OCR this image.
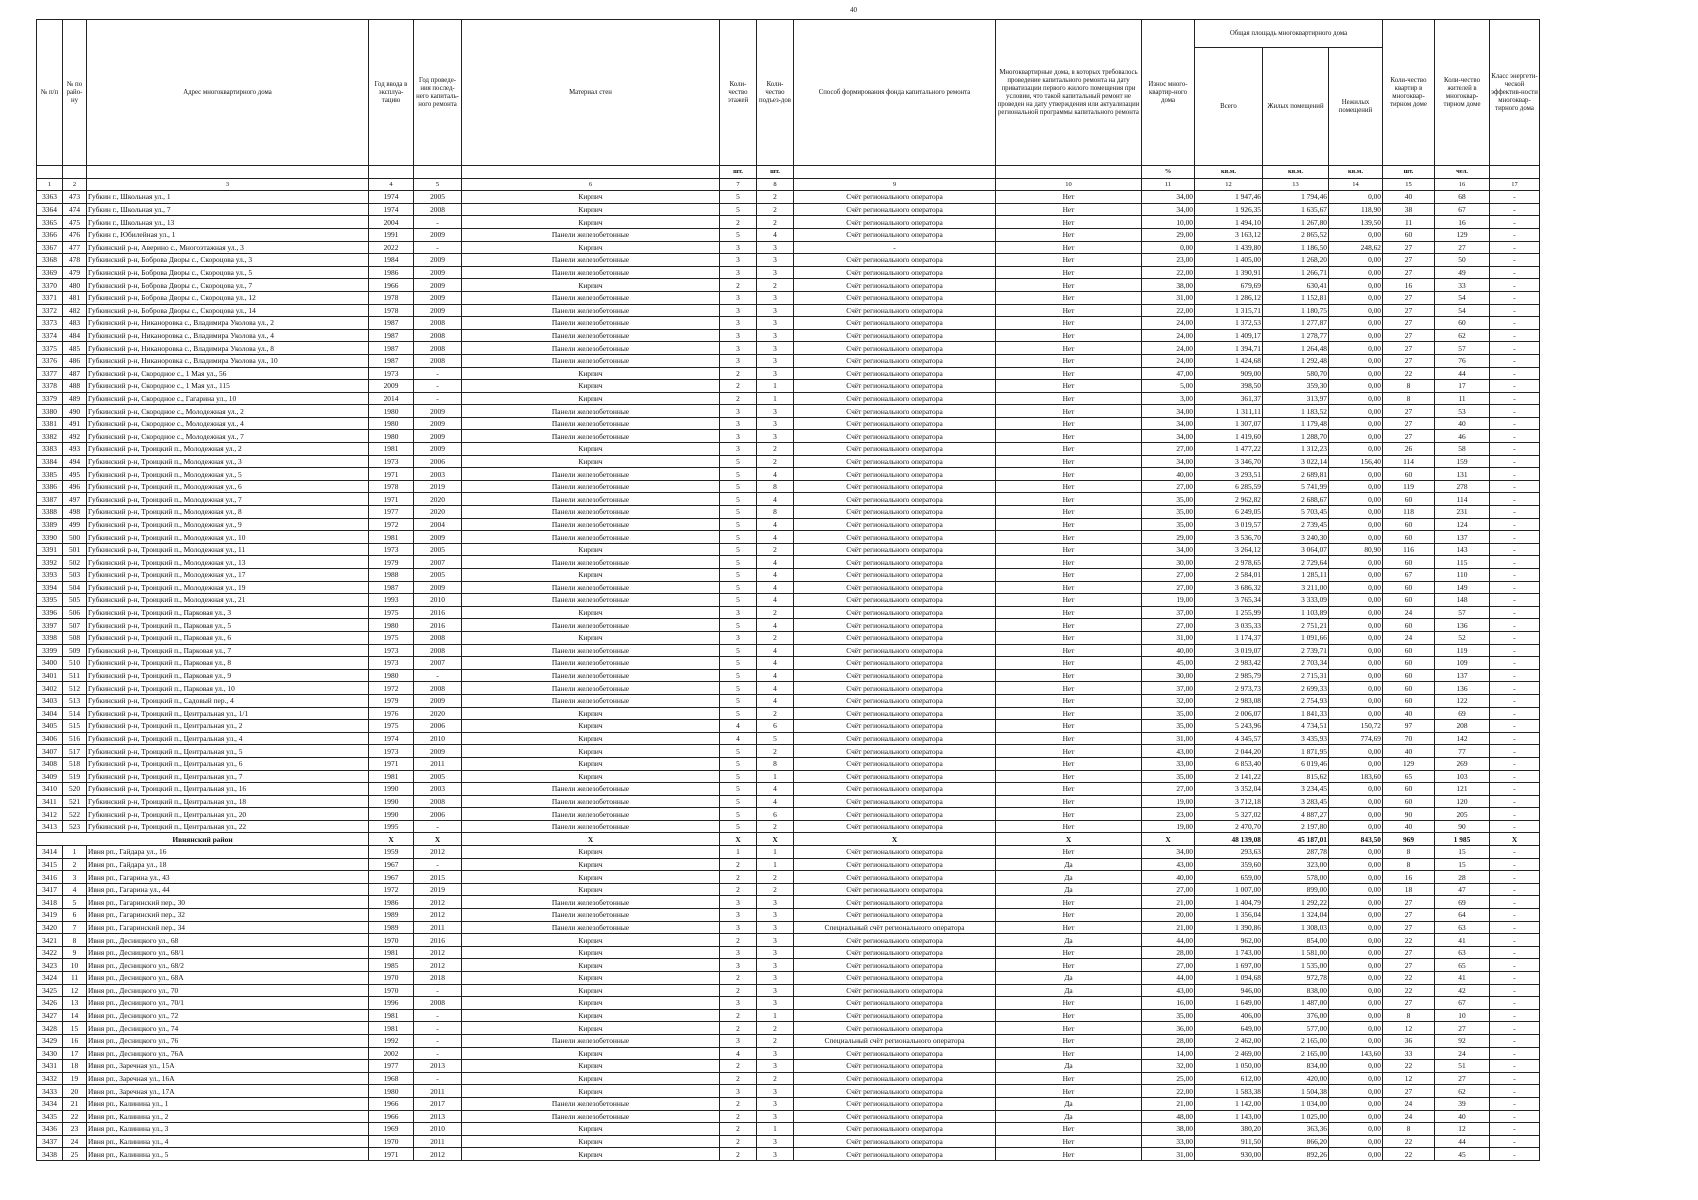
40
№ п/п	№ по райо-ну	Адрес многоквартирного дома	Год ввода в эксплуа-тацию	Год проведе-ния послед-него капиталь-ного ремонта	Материал стен	Коли-чество этажей	Коли-чество подъез-дов	Способ формирования фонда капитального ремонта	Многоквартирные дома, в которых требовалось проведение капитального ремонта на дату приватизации первого жилого помещения при условии, что такой капитальный ремонт не проведен на дату утверждения или актуализации региональной программы капитального ремонта	Износ много-квартир-ного дома	Общая площадь многоквартирного дома			Коли-чество квартир в многоквар-тирном доме	Коли-чество жителей в многоквар-тирном доме	Класс энергети-ческой эффектив-ности многоквар-тирного дома
											Всего	Жилых помещений	Нежилых помещений			
						шт.	шт.			%	кв.м.	кв.м.	кв.м.	шт.	чел.	
1	2	3	4	5	6	7	8	9	10	11	12	13	14	15	16	17
3363	473	Губкин г., Школьная ул., 1	1974	2005	Кирпич	5	2	Счёт регионального оператора	Нет	34,00	1 947,46	1 794,46	0,00	40	68	-
3364	474	Губкин г., Школьная ул., 7	1974	2008	Кирпич	5	2	Счёт регионального оператора	Нет	34,00	1 926,35	1 635,67	118,90	38	67	-
3365	475	Губкин г., Школьная ул., 13	2004	-	Кирпич	2	2	Счёт регионального оператора	Нет	10,00	1 494,10	1 267,80	139,50	11	16	-
3366	476	Губкин г., Юбилейная ул., 1	1991	2009	Панели железобетонные	5	4	Счёт регионального оператора	Нет	29,00	3 163,12	2 865,52	0,00	60	129	-
3367	477	Губкинский р-н, Аверино с., Многоэтажная ул., 3	2022	-	Кирпич	3	3	-	Нет	0,00	1 439,80	1 186,50	248,62	27	27	-
3368	478	Губкинский р-н, Боброва Дворы с., Скороцова ул., 3	1984	2009	Панели железобетонные	3	3	Счёт регионального оператора	Нет	23,00	1 405,00	1 268,20	0,00	27	50	-
3369	479	Губкинский р-н, Боброва Дворы с., Скороцова ул., 5	1986	2009	Панели железобетонные	3	3	Счёт регионального оператора	Нет	22,00	1 390,91	1 266,71	0,00	27	49	-
3370	480	Губкинский р-н, Боброва Дворы с., Скороцова ул., 7	1966	2009	Кирпич	2	2	Счёт регионального оператора	Нет	38,00	679,69	630,41	0,00	16	33	-
3371	481	Губкинский р-н, Боброва Дворы с., Скороцова ул., 12	1978	2009	Панели железобетонные	3	3	Счёт регионального оператора	Нет	31,00	1 286,12	1 152,81	0,00	27	54	-
3372	482	Губкинский р-н, Боброва Дворы с., Скороцова ул., 14	1978	2009	Панели железобетонные	3	3	Счёт регионального оператора	Нет	22,00	1 315,71	1 180,75	0,00	27	54	-
3373	483	Губкинский р-н, Никаноровка с., Владимира Уколова ул., 2	1987	2008	Панели железобетонные	3	3	Счёт регионального оператора	Нет	24,00	1 372,53	1 277,87	0,00	27	60	-
3374	484	Губкинский р-н, Никаноровка с., Владимира Уколова ул., 4	1987	2008	Панели железобетонные	3	3	Счёт регионального оператора	Нет	24,00	1 409,17	1 278,77	0,00	27	62	-
3375	485	Губкинский р-н, Никаноровка с., Владимира Уколова ул., 8	1987	2008	Панели железобетонные	3	3	Счёт регионального оператора	Нет	24,00	1 394,71	1 264,48	0,00	27	57	-
3376	486	Губкинский р-н, Никаноровка с., Владимира Уколова ул., 10	1987	2008	Панели железобетонные	3	3	Счёт регионального оператора	Нет	24,00	1 424,68	1 292,48	0,00	27	76	-
3377	487	Губкинский р-н, Скородное с., 1 Мая ул., 56	1973	-	Кирпич	2	3	Счёт регионального оператора	Нет	47,00	909,00	580,70	0,00	22	44	-
3378	488	Губкинский р-н, Скородное с., 1 Мая ул., 115	2009	-	Кирпич	2	1	Счёт регионального оператора	Нет	5,00	398,50	359,30	0,00	8	17	-
3379	489	Губкинский р-н, Скородное с., Гагарина ул., 10	2014	-	Кирпич	2	1	Счёт регионального оператора	Нет	3,00	361,37	313,97	0,00	8	11	-
3380	490	Губкинский р-н, Скородное с., Молодежная ул., 2	1980	2009	Панели железобетонные	3	3	Счёт регионального оператора	Нет	34,00	1 311,11	1 183,52	0,00	27	53	-
3381	491	Губкинский р-н, Скородное с., Молодежная ул., 4	1980	2009	Панели железобетонные	3	3	Счёт регионального оператора	Нет	34,00	1 307,07	1 179,48	0,00	27	40	-
3382	492	Губкинский р-н, Скородное с., Молодежная ул., 7	1980	2009	Панели железобетонные	3	3	Счёт регионального оператора	Нет	34,00	1 419,60	1 288,70	0,00	27	46	-
3383	493	Губкинский р-н, Троицкий п., Молодежная ул., 2	1981	2009	Кирпич	3	2	Счёт регионального оператора	Нет	27,00	1 477,22	1 312,23	0,00	26	58	-
3384	494	Губкинский р-н, Троицкий п., Молодежная ул., 3	1973	2006	Кирпич	5	2	Счёт регионального оператора	Нет	34,00	3 346,70	3 022,14	156,40	114	159	-
3385	495	Губкинский р-н, Троицкий п., Молодежная ул., 5	1971	2003	Панели железобетонные	5	4	Счёт регионального оператора	Нет	40,00	3 293,51	2 689,81	0,00	60	131	-
3386	496	Губкинский р-н, Троицкий п., Молодежная ул., 6	1978	2019	Панели железобетонные	5	8	Счёт регионального оператора	Нет	27,00	6 285,59	5 741,99	0,00	119	278	-
3387	497	Губкинский р-н, Троицкий п., Молодежная ул., 7	1971	2020	Панели железобетонные	5	4	Счёт регионального оператора	Нет	35,00	2 962,82	2 688,67	0,00	60	114	-
3388	498	Губкинский р-н, Троицкий п., Молодежная ул., 8	1977	2020	Панели железобетонные	5	8	Счёт регионального оператора	Нет	35,00	6 249,05	5 703,45	0,00	118	231	-
3389	499	Губкинский р-н, Троицкий п., Молодежная ул., 9	1972	2004	Панели железобетонные	5	4	Счёт регионального оператора	Нет	35,00	3 019,57	2 739,45	0,00	60	124	-
3390	500	Губкинский р-н, Троицкий п., Молодежная ул., 10	1981	2009	Панели железобетонные	5	4	Счёт регионального оператора	Нет	29,00	3 536,70	3 240,30	0,00	60	137	-
3391	501	Губкинский р-н, Троицкий п., Молодежная ул., 11	1973	2005	Кирпич	5	2	Счёт регионального оператора	Нет	34,00	3 264,12	3 064,07	80,90	116	143	-
3392	502	Губкинский р-н, Троицкий п., Молодежная ул., 13	1979	2007	Панели железобетонные	5	4	Счёт регионального оператора	Нет	30,00	2 978,65	2 729,64	0,00	60	115	-
3393	503	Губкинский р-н, Троицкий п., Молодежная ул., 17	1988	2005	Кирпич	5	4	Счёт регионального оператора	Нет	27,00	2 584,01	1 285,11	0,00	67	110	-
3394	504	Губкинский р-н, Троицкий п., Молодежная ул., 19	1987	2009	Панели железобетонные	5	4	Счёт регионального оператора	Нет	27,00	3 686,32	3 211,00	0,00	60	149	-
3395	505	Губкинский р-н, Троицкий п., Молодежная ул., 21	1993	2010	Панели железобетонные	5	4	Счёт регионального оператора	Нет	19,00	3 765,34	3 333,09	0,00	60	148	-
3396	506	Губкинский р-н, Троицкий п., Парковая ул., 3	1975	2016	Кирпич	3	2	Счёт регионального оператора	Нет	37,00	1 255,99	1 103,89	0,00	24	57	-
3397	507	Губкинский р-н, Троицкий п., Парковая ул., 5	1980	2016	Панели железобетонные	5	4	Счёт регионального оператора	Нет	27,00	3 035,33	2 751,21	0,00	60	136	-
3398	508	Губкинский р-н, Троицкий п., Парковая ул., 6	1975	2008	Кирпич	3	2	Счёт регионального оператора	Нет	31,00	1 174,37	1 091,66	0,00	24	52	-
3399	509	Губкинский р-н, Троицкий п., Парковая ул., 7	1973	2008	Панели железобетонные	5	4	Счёт регионального оператора	Нет	40,00	3 019,07	2 739,71	0,00	60	119	-
3400	510	Губкинский р-н, Троицкий п., Парковая ул., 8	1973	2007	Панели железобетонные	5	4	Счёт регионального оператора	Нет	45,00	2 983,42	2 703,34	0,00	60	109	-
3401	511	Губкинский р-н, Троицкий п., Парковая ул., 9	1980	-	Панели железобетонные	5	4	Счёт регионального оператора	Нет	30,00	2 985,79	2 715,31	0,00	60	137	-
3402	512	Губкинский р-н, Троицкий п., Парковая ул., 10	1972	2008	Панели железобетонные	5	4	Счёт регионального оператора	Нет	37,00	2 973,73	2 699,33	0,00	60	136	-
3403	513	Губкинский р-н, Троицкий п., Садовый пер., 4	1979	2009	Панели железобетонные	5	4	Счёт регионального оператора	Нет	32,00	2 983,08	2 754,93	0,00	60	122	-
3404	514	Губкинский р-н, Троицкий п., Центральная ул., 1/1	1976	2020	Кирпич	5	2	Счёт регионального оператора	Нет	35,00	2 006,07	1 841,33	0,00	40	69	-
3405	515	Губкинский р-н, Троицкий п., Центральная ул., 2	1975	2006	Кирпич	4	6	Счёт регионального оператора	Нет	35,00	5 243,96	4 734,51	150,72	97	208	-
3406	516	Губкинский р-н, Троицкий п., Центральная ул., 4	1974	2010	Кирпич	4	5	Счёт регионального оператора	Нет	31,00	4 345,57	3 435,93	774,69	70	142	-
3407	517	Губкинский р-н, Троицкий п., Центральная ул., 5	1973	2009	Кирпич	5	2	Счёт регионального оператора	Нет	43,00	2 044,20	1 871,95	0,00	40	77	-
3408	518	Губкинский р-н, Троицкий п., Центральная ул., 6	1971	2011	Кирпич	5	8	Счёт регионального оператора	Нет	33,00	6 853,40	6 019,46	0,00	129	269	-
3409	519	Губкинский р-н, Троицкий п., Центральная ул., 7	1981	2005	Кирпич	5	1	Счёт регионального оператора	Нет	35,00	2 141,22	815,62	183,60	65	103	-
3410	520	Губкинский р-н, Троицкий п., Центральная ул., 16	1990	2003	Панели железобетонные	5	4	Счёт регионального оператора	Нет	27,00	3 352,04	3 234,45	0,00	60	121	-
3411	521	Губкинский р-н, Троицкий п., Центральная ул., 18	1990	2008	Панели железобетонные	5	4	Счёт регионального оператора	Нет	19,00	3 712,18	3 283,45	0,00	60	120	-
3412	522	Губкинский р-н, Троицкий п., Центральная ул., 20	1990	2006	Панели железобетонные	5	6	Счёт регионального оператора	Нет	23,00	5 327,02	4 887,27	0,00	90	205	-
3413	523	Губкинский р-н, Троицкий п., Центральная ул., 22	1995	-	Панели железобетонные	5	2	Счёт регионального оператора	Нет	19,00	2 470,70	2 197,80	0,00	40	90	-
Ивнянский район			X	X	X	X	X	X	X	X	48 139,08	45 187,01	843,50	969	1 985	X
3414	1	Ивня рп., Гайдара ул., 16	1959	2012	Кирпич	1	1	Счёт регионального оператора	Нет	34,00	293,63	287,78	0,00	8	15	-
3415	2	Ивня рп., Гайдара ул., 18	1967	-	Кирпич	2	1	Счёт регионального оператора	Да	43,00	359,60	323,00	0,00	8	15	-
3416	3	Ивня рп., Гагарина ул., 43	1967	2015	Кирпич	2	2	Счёт регионального оператора	Да	40,00	659,00	578,00	0,00	16	28	-
3417	4	Ивня рп., Гагарина ул., 44	1972	2019	Кирпич	2	2	Счёт регионального оператора	Да	27,00	1 007,00	899,00	0,00	18	47	-
3418	5	Ивня рп., Гагаринский пер., 30	1986	2012	Панели железобетонные	3	3	Счёт регионального оператора	Нет	21,00	1 404,79	1 292,22	0,00	27	69	-
3419	6	Ивня рп., Гагаринский пер., 32	1989	2012	Панели железобетонные	3	3	Счёт регионального оператора	Нет	20,00	1 356,04	1 324,04	0,00	27	64	-
3420	7	Ивня рп., Гагаринский пер., 34	1989	2011	Панели железобетонные	3	3	Специальный счёт регионального оператора	Нет	21,00	1 390,86	1 308,03	0,00	27	63	-
3421	8	Ивня рп., Десницкого ул., 68	1970	2016	Кирпич	2	3	Счёт регионального оператора	Да	44,00	962,00	854,00	0,00	22	41	-
3422	9	Ивня рп., Десницкого ул., 68/1	1981	2012	Кирпич	3	3	Счёт регионального оператора	Нет	28,00	1 743,00	1 581,00	0,00	27	63	-
3423	10	Ивня рп., Десницкого ул., 68/2	1985	2012	Кирпич	3	3	Счёт регионального оператора	Нет	27,00	1 697,00	1 535,00	0,00	27	65	-
3424	11	Ивня рп., Десницкого ул., 68А	1970	2018	Кирпич	2	3	Счёт регионального оператора	Да	44,00	1 094,68	972,78	0,00	22	41	-
3425	12	Ивня рп., Десницкого ул., 70	1970	-	Кирпич	2	3	Счёт регионального оператора	Да	43,00	946,00	838,00	0,00	22	42	-
3426	13	Ивня рп., Десницкого ул., 70/1	1996	2008	Кирпич	3	3	Счёт регионального оператора	Нет	16,00	1 649,00	1 487,00	0,00	27	67	-
3427	14	Ивня рп., Десницкого ул., 72	1981	-	Кирпич	2	1	Счёт регионального оператора	Нет	35,00	406,00	376,00	0,00	8	10	-
3428	15	Ивня рп., Десницкого ул., 74	1981	-	Кирпич	2	2	Счёт регионального оператора	Нет	36,00	649,00	577,00	0,00	12	27	-
3429	16	Ивня рп., Десницкого ул., 76	1992	-	Панели железобетонные	3	2	Специальный счёт регионального оператора	Нет	28,00	2 462,00	2 165,00	0,00	36	92	-
3430	17	Ивня рп., Десницкого ул., 76А	2002	-	Кирпич	4	3	Счёт регионального оператора	Нет	14,00	2 469,00	2 165,00	143,60	33	24	-
3431	18	Ивня рп., Заречная ул., 15А	1977	2013	Кирпич	2	3	Счёт регионального оператора	Да	32,00	1 050,00	834,00	0,00	22	51	-
3432	19	Ивня рп., Заречная ул., 16А	1968	-	Кирпич	2	2	Счёт регионального оператора	Нет	25,00	612,00	420,00	0,00	12	27	-
3433	20	Ивня рп., Заречная ул., 17А	1980	2011	Кирпич	3	3	Счёт регионального оператора	Нет	22,00	1 583,38	1 504,38	0,00	27	62	-
3434	21	Ивня рп., Калинина ул., 1	1966	2017	Панели железобетонные	2	3	Счёт регионального оператора	Да	21,00	1 142,00	1 034,00	0,00	24	39	-
3435	22	Ивня рп., Калинина ул., 2	1966	2013	Панели железобетонные	2	3	Счёт регионального оператора	Да	48,00	1 143,00	1 025,00	0,00	24	40	-
3436	23	Ивня рп., Калинина ул., 3	1969	2010	Кирпич	2	1	Счёт регионального оператора	Нет	38,00	380,20	363,36	0,00	8	12	-
3437	24	Ивня рп., Калинина ул., 4	1970	2011	Кирпич	2	3	Счёт регионального оператора	Нет	33,00	911,50	866,20	0,00	22	44	-
3438	25	Ивня рп., Калинина ул., 5	1971	2012	Кирпич	2	3	Счёт регионального оператора	Нет	31,00	930,00	892,26	0,00	22	45	-
